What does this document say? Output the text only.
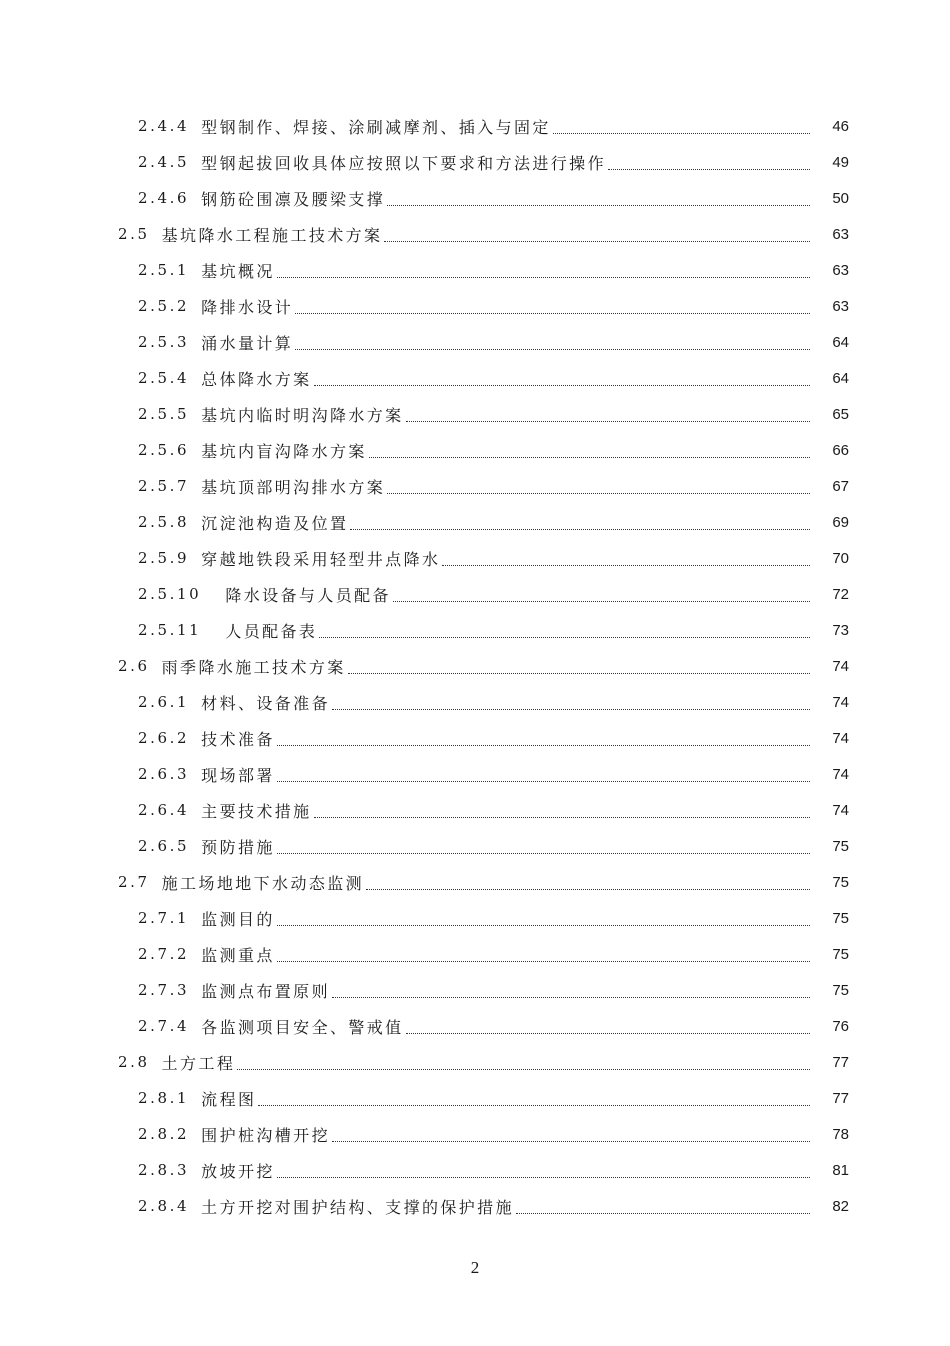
2.4.4 型钢制作、焊接、涂刷减摩剂、插入与固定	46
2.4.5 型钢起拔回收具体应按照以下要求和方法进行操作	49
2.4.6 钢筋砼围凛及腰梁支撑	50
2.5 基坑降水工程施工技术方案	63
2.5.1 基坑概况	63
2.5.2 降排水设计	63
2.5.3 涌水量计算	64
2.5.4 总体降水方案	64
2.5.5 基坑内临时明沟降水方案	65
2.5.6 基坑内盲沟降水方案	66
2.5.7 基坑顶部明沟排水方案	67
2.5.8 沉淀池构造及位置	69
2.5.9 穿越地铁段采用轻型井点降水	70
2.5.10 降水设备与人员配备	72
2.5.11 人员配备表	73
2.6 雨季降水施工技术方案	74
2.6.1 材料、设备准备	74
2.6.2 技术准备	74
2.6.3 现场部署	74
2.6.4 主要技术措施	74
2.6.5 预防措施	75
2.7 施工场地地下水动态监测	75
2.7.1 监测目的	75
2.7.2 监测重点	75
2.7.3 监测点布置原则	75
2.7.4 各监测项目安全、警戒值	76
2.8 土方工程	77
2.8.1 流程图	77
2.8.2 围护桩沟槽开挖	78
2.8.3 放坡开挖	81
2.8.4 土方开挖对围护结构、支撑的保护措施	82
2
